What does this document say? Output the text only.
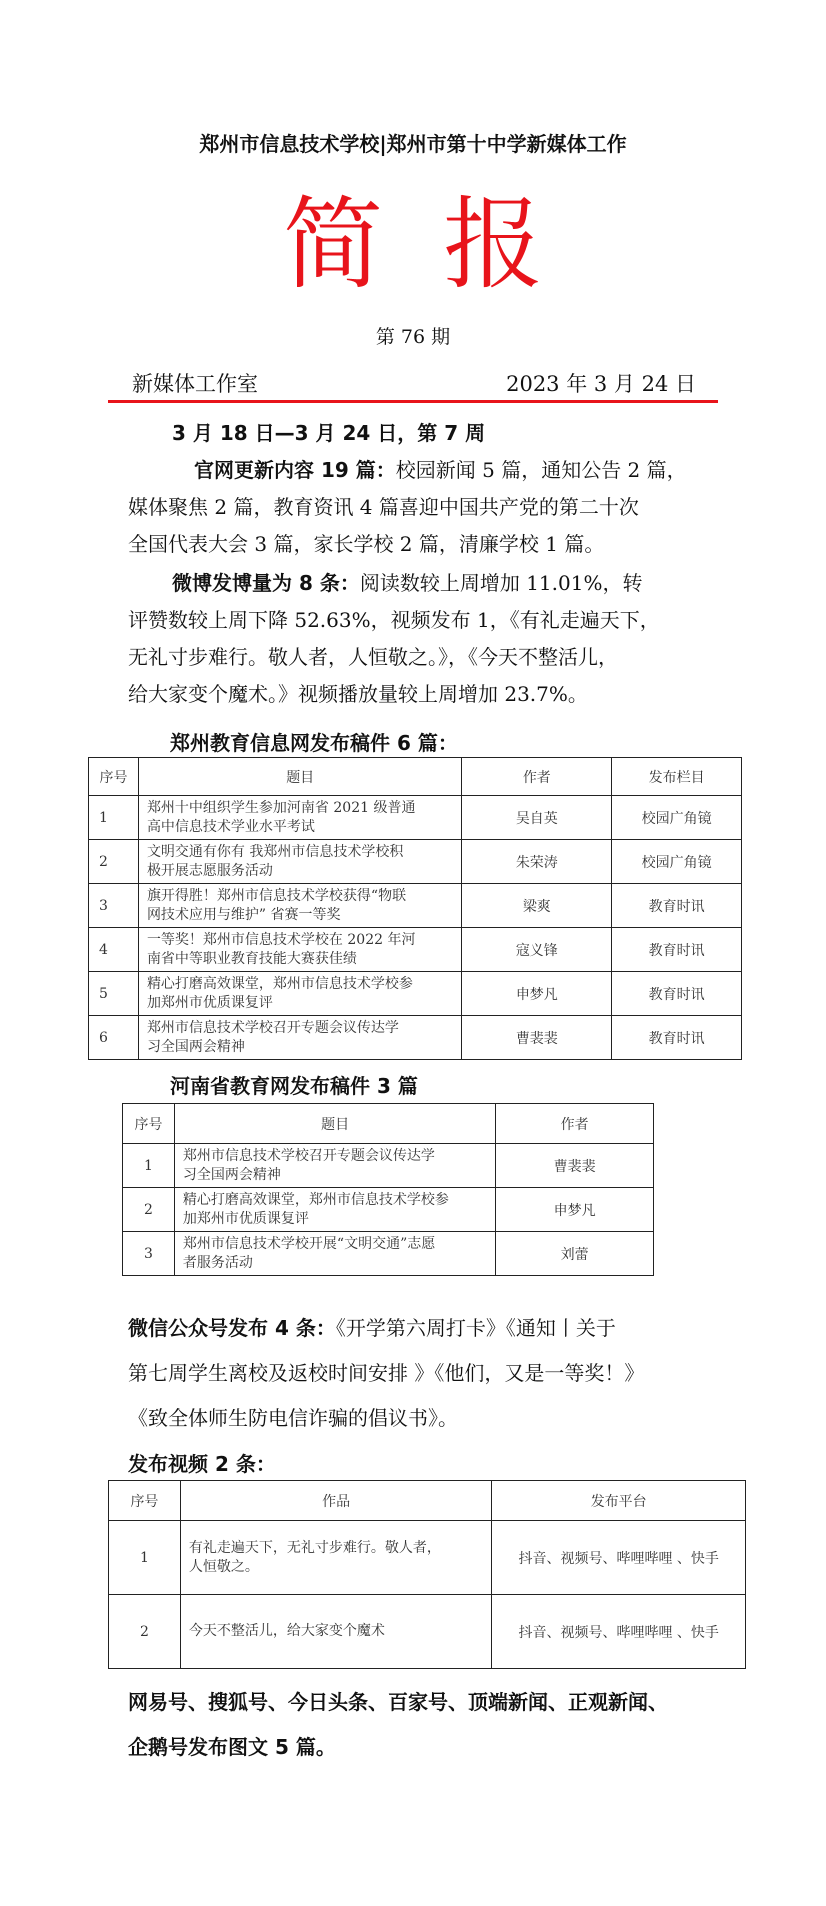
郑州市信息技术学校|郑州市第十中学新媒体工作
简报
第 76 期
新媒体工作室	2023 年 3 月 24 日
3 月 18 日—3 月 24 日，第 7 周
官网更新内容 19 篇：校园新闻 5 篇，通知公告 2 篇，
媒体聚焦 2 篇，教育资讯 4 篇喜迎中国共产党的第二十次
全国代表大会 3 篇，家长学校 2 篇，清廉学校 1 篇。
微博发博量为 8 条：阅读数较上周增加 11.01%，转
评赞数较上周下降 52.63%，视频发布 1，《有礼走遍天下，
无礼寸步难行。敬人者，人恒敬之。》，《今天不整活儿，
给大家变个魔术。》视频播放量较上周增加 23.7%。
郑州教育信息网发布稿件 6 篇：
序号	题目	作者	发布栏目
1	郑州十中组织学生参加河南省 2021 级普通
高中信息技术学业水平考试	吴自英	校园广角镜
2	文明交通有你有 我郑州市信息技术学校积
极开展志愿服务活动	朱荣涛	校园广角镜
3	旗开得胜！郑州市信息技术学校获得“物联
网技术应用与维护” 省赛一等奖	梁爽	教育时讯
4	一等奖！郑州市信息技术学校在 2022 年河
南省中等职业教育技能大赛获佳绩	寇义锋	教育时讯
5	精心打磨高效课堂，郑州市信息技术学校参
加郑州市优质课复评	申梦凡	教育时讯
6	郑州市信息技术学校召开专题会议传达学
习全国两会精神	曹裴裴	教育时讯
河南省教育网发布稿件 3 篇
序号	题目	作者
1	郑州市信息技术学校召开专题会议传达学
习全国两会精神	曹裴裴
2	精心打磨高效课堂，郑州市信息技术学校参
加郑州市优质课复评	申梦凡
3	郑州市信息技术学校开展“文明交通”志愿
者服务活动	刘蕾
微信公众号发布 4 条：《开学第六周打卡》《通知丨关于
第七周学生离校及返校时间安排 》《他们，又是一等奖！》
《致全体师生防电信诈骗的倡议书》。
发布视频 2 条：
序号	作品	发布平台
1	有礼走遍天下，无礼寸步难行。敬人者，
人恒敬之。	抖音、视频号、哔哩哔哩 、快手
2	今天不整活儿，给大家变个魔术	抖音、视频号、哔哩哔哩 、快手
网易号、搜狐号、今日头条、百家号、顶端新闻、正观新闻、
企鹅号发布图文 5 篇。
